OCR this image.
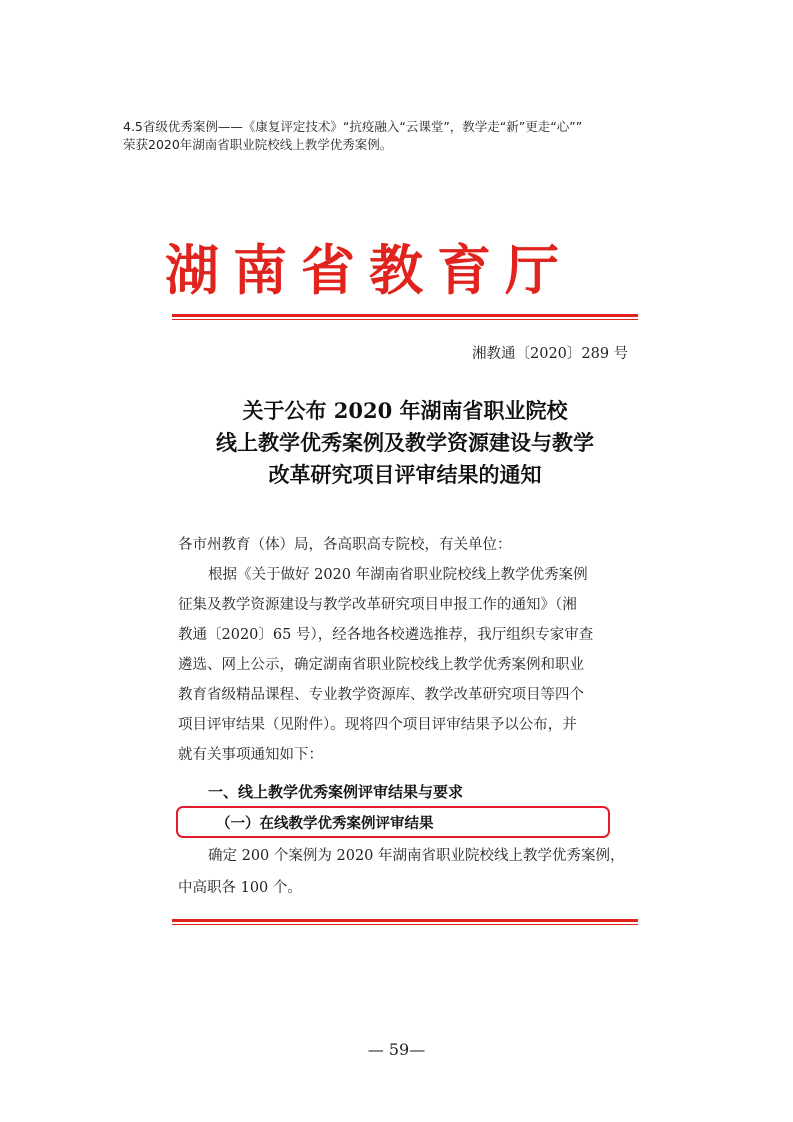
4.5省级优秀案例——《康复评定技术》“抗疫融入“云课堂”，教学走“新”更走“心””
荣获2020年湖南省职业院校线上教学优秀案例。
湖南省教育厅
湘教通〔2020〕289 号
关于公布 2020 年湖南省职业院校
线上教学优秀案例及教学资源建设与教学
改革研究项目评审结果的通知
各市州教育（体）局，各高职高专院校，有关单位：
根据《关于做好 2020 年湖南省职业院校线上教学优秀案例
征集及教学资源建设与教学改革研究项目申报工作的通知》（湘
教通〔2020〕65 号），经各地各校遴选推荐，我厅组织专家审查
遴选、网上公示，确定湖南省职业院校线上教学优秀案例和职业
教育省级精品课程、专业教学资源库、教学改革研究项目等四个
项目评审结果（见附件）。现将四个项目评审结果予以公布，并
就有关事项通知如下：
一、线上教学优秀案例评审结果与要求
（一）在线教学优秀案例评审结果
确定 200 个案例为 2020 年湖南省职业院校线上教学优秀案例，
中高职各 100 个。
— 59—
